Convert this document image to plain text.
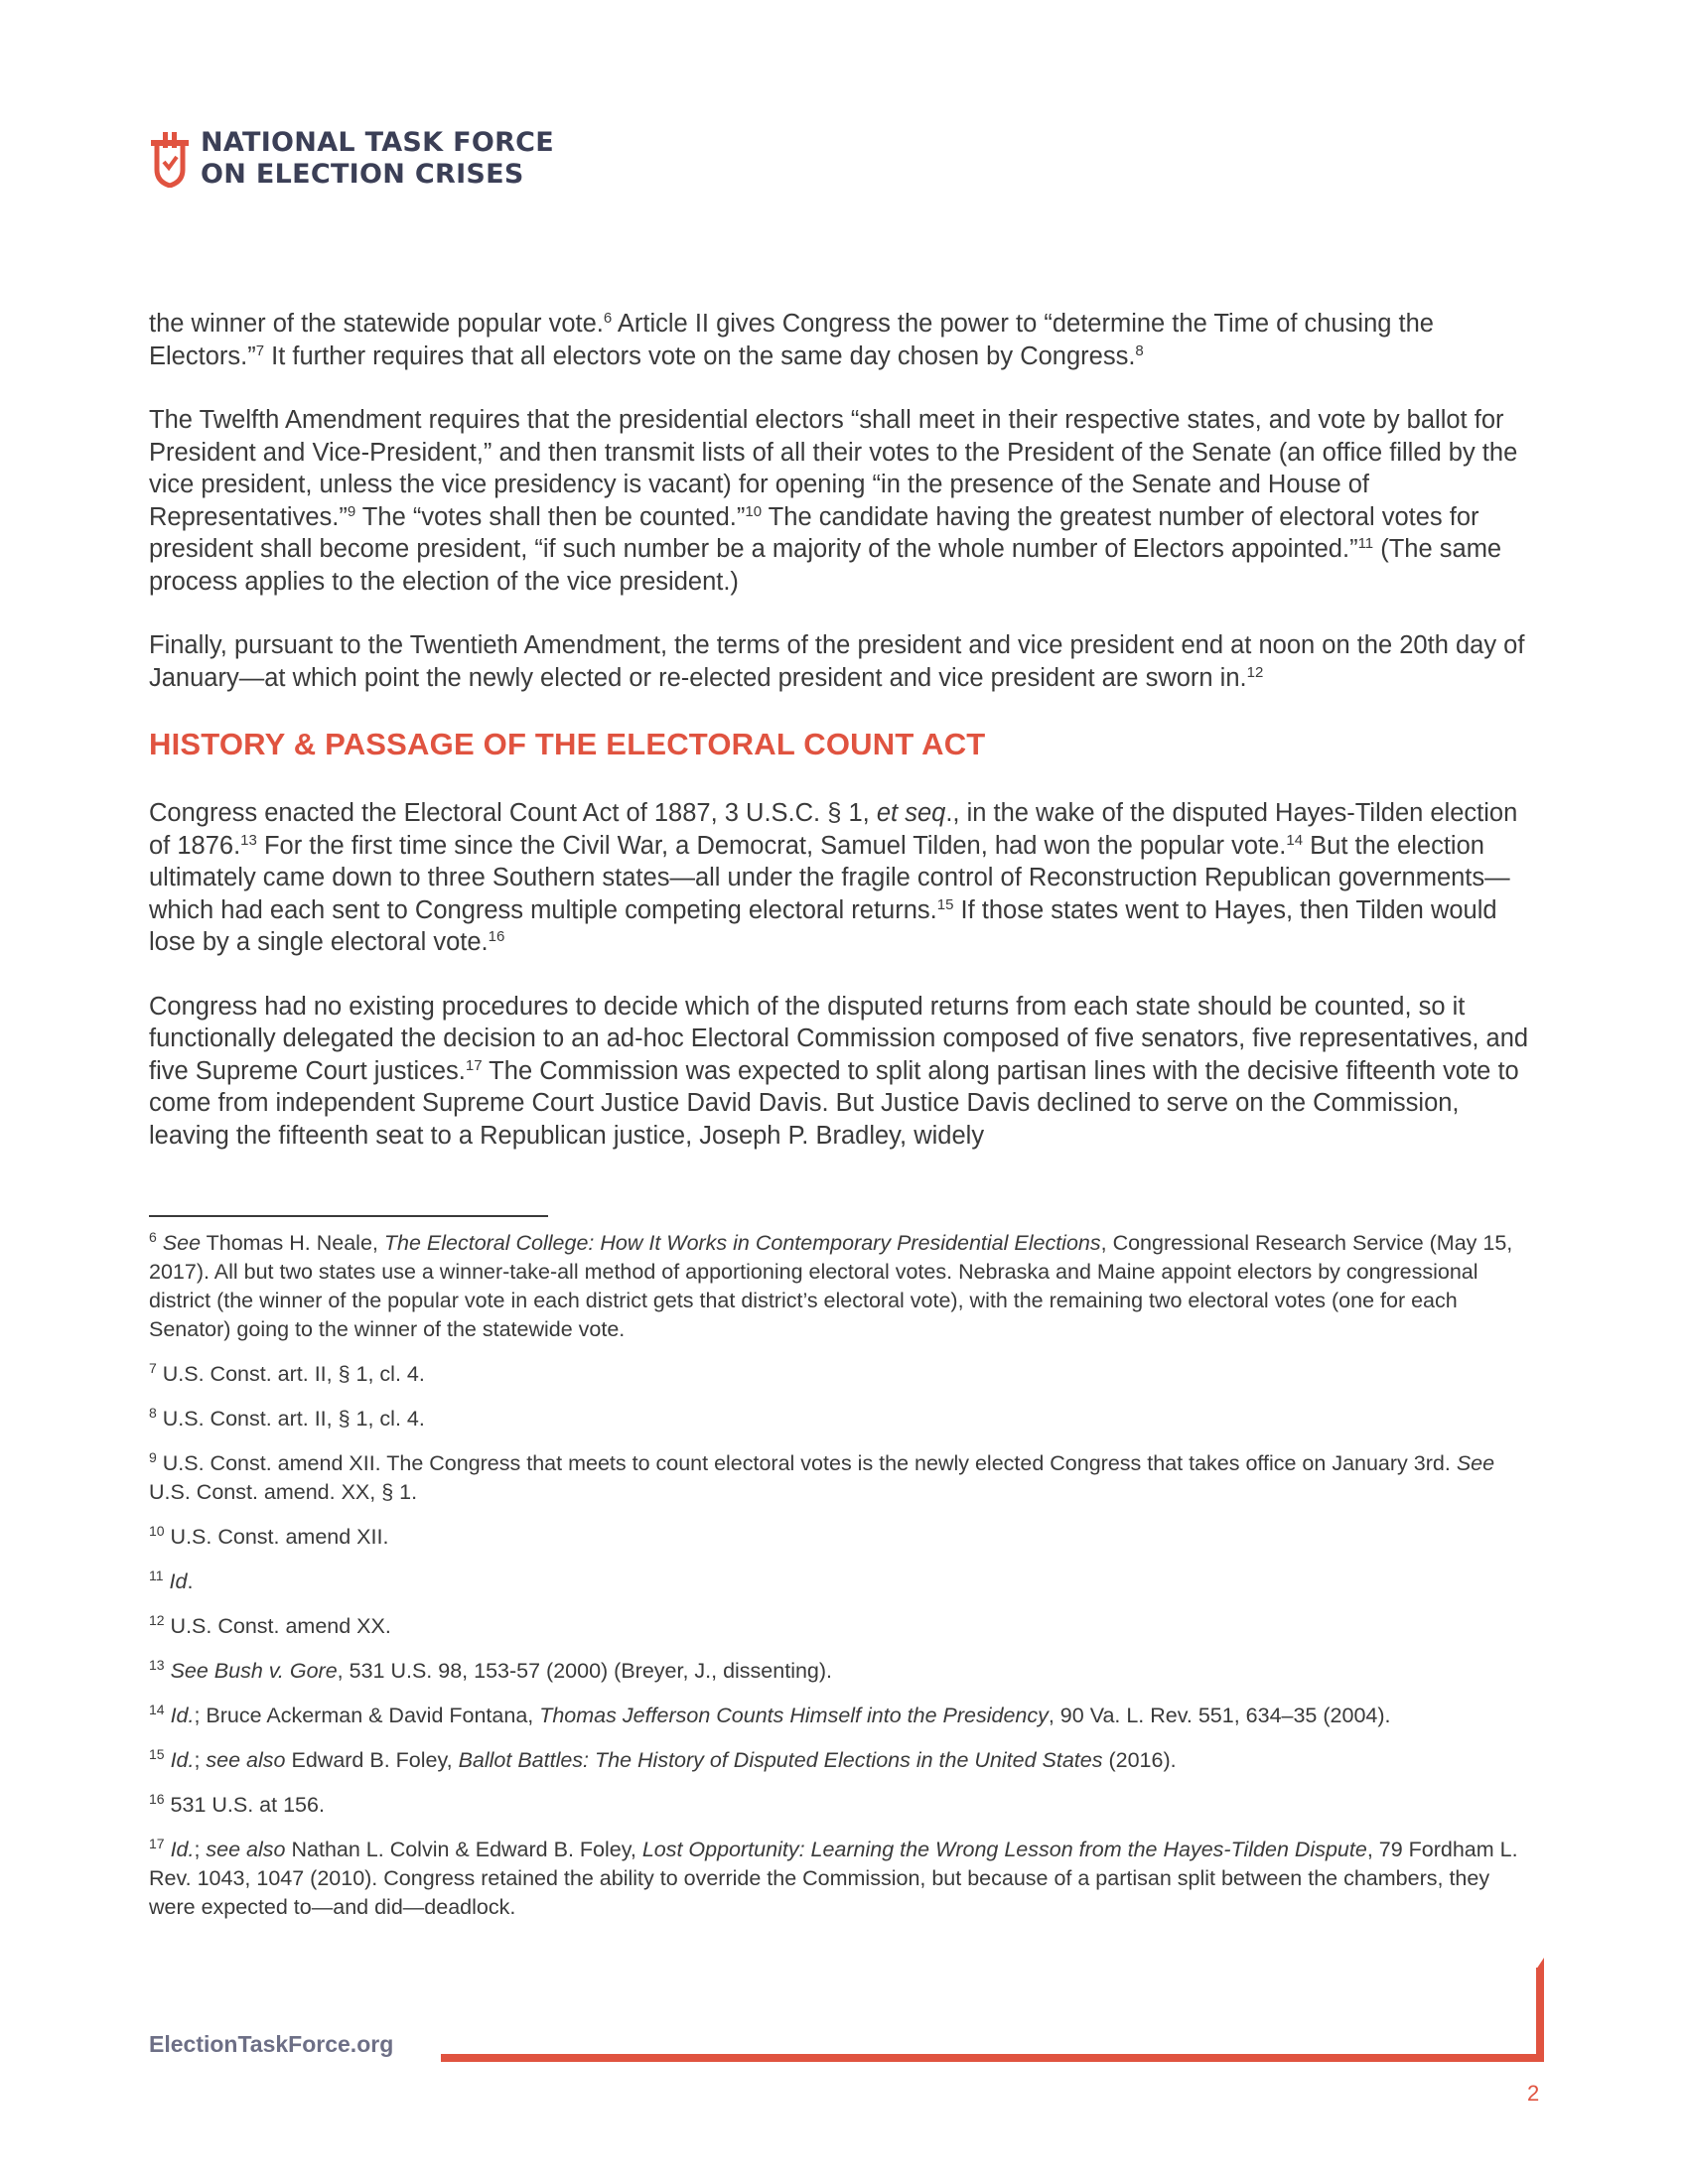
NATIONAL TASK FORCE
ON ELECTION CRISES

the winner of the statewide popular vote.$^6$ Article II gives Congress the power to “determine the Time of chusing the Electors.”$^7$ It further requires that all electors vote on the same day chosen by Congress.$^8$

The Twelfth Amendment requires that the presidential electors “shall meet in their respective states, and vote by ballot for President and Vice-President,” and then transmit lists of all their votes to the President of the Senate (an office filled by the vice president, unless the vice presidency is vacant) for opening “in the presence of the Senate and House of Representatives.”$^9$ The “votes shall then be counted.”$^{10}$ The candidate having the greatest number of electoral votes for president shall become president, “if such number be a majority of the whole number of Electors appointed.”$^{11}$ (The same process applies to the election of the vice president.)

Finally, pursuant to the Twentieth Amendment, the terms of the president and vice president end at noon on the 20th day of January—at which point the newly elected or re-elected president and vice president are sworn in.$^{12}$

HISTORY & PASSAGE OF THE ELECTORAL COUNT ACT

Congress enacted the Electoral Count Act of 1887, 3 U.S.C. § 1, et seq., in the wake of the disputed Hayes-Tilden election of 1876.13 For the first time since the Civil War, a Democrat, Samuel Tilden, had won the popular vote.$^{14}$ But the election ultimately came down to three Southern states—all under the fragile control of Reconstruction Republican governments—which had each sent to Congress multiple competing electoral returns.$^{15}$ If those states went to Hayes, then Tilden would lose by a single electoral vote.$^{16}$

Congress had no existing procedures to decide which of the disputed returns from each state should be counted, so it functionally delegated the decision to an ad-hoc Electoral Commission composed of five senators, five representatives, and five Supreme Court justices.$^{17}$ The Commission was expected to split along partisan lines with the decisive fifteenth vote to come from independent Supreme Court Justice David Davis. But Justice Davis declined to serve on the Commission, leaving the fifteenth seat to a Republican justice, Joseph P. Bradley, widely

$^6$ See Thomas H. Neale, The Electoral College: How It Works in Contemporary Presidential Elections, Congressional Research Service (May 15, 2017). All but two states use a winner-take-all method of apportioning electoral votes. Nebraska and Maine appoint electors by congressional district (the winner of the popular vote in each district gets that district’s electoral vote), with the remaining two electoral votes (one for each Senator) going to the winner of the statewide vote.
$^7$ U.S. Const. art. II, § 1, cl. 4.
$^8$ U.S. Const. art. II, § 1, cl. 4.
$^9$ U.S. Const. amend XII. The Congress that meets to count electoral votes is the newly elected Congress that takes office on January 3rd. See U.S. Const. amend. XX, § 1.
$^{10}$ U.S. Const. amend XII.
$^{11}$ Id.
$^{12}$ U.S. Const. amend XX.
$^{13}$ See Bush v. Gore, 531 U.S. 98, 153-57 (2000) (Breyer, J., dissenting).
$^{14}$ Id.; Bruce Ackerman & David Fontana, Thomas Jefferson Counts Himself into the Presidency, 90 Va. L. Rev. 551, 634–35 (2004).
$^{15}$ Id.; see also Edward B. Foley, Ballot Battles: The History of Disputed Elections in the United States (2016).
$^{16}$ 531 U.S. at 156.
$^{17}$ Id.; see also Nathan L. Colvin & Edward B. Foley, Lost Opportunity: Learning the Wrong Lesson from the Hayes-Tilden Dispute, 79 Fordham L. Rev. 1043, 1047 (2010). Congress retained the ability to override the Commission, but because of a partisan split between the chambers, they were expected to—and did—deadlock.
ElectionTaskForce.org
2
